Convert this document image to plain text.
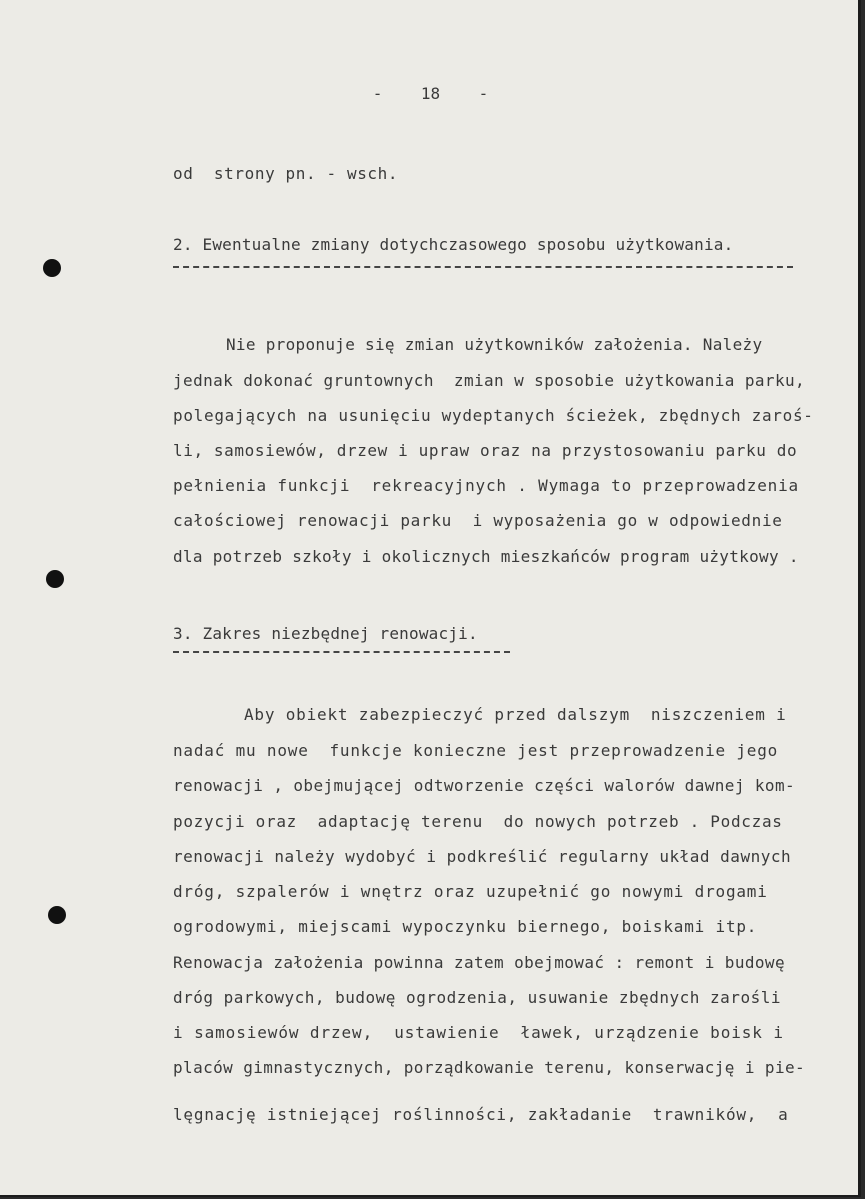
-    18    -

od  strony pn. - wsch.

2. Ewentualne zmiany dotychczasowego sposobu użytkowania.

Nie proponuje się zmian użytkowników założenia. Należy

jednak dokonać gruntownych  zmian w sposobie użytkowania parku,

polegających na usunięciu wydeptanych ścieżek, zbędnych zaroś-

li, samosiewów, drzew i upraw oraz na przystosowaniu parku do

pełnienia funkcji  rekreacyjnych . Wymaga to przeprowadzenia

całościowej renowacji parku  i wyposażenia go w odpowiednie

dla potrzeb szkoły i okolicznych mieszkańców program użytkowy .

3. Zakres niezbędnej renowacji.

Aby obiekt zabezpieczyć przed dalszym  niszczeniem i

nadać mu nowe  funkcje konieczne jest przeprowadzenie jego

renowacji , obejmującej odtworzenie części walorów dawnej kom-

pozycji oraz  adaptację terenu  do nowych potrzeb . Podczas

renowacji należy wydobyć i podkreślić regularny układ dawnych

dróg, szpalerów i wnętrz oraz uzupełnić go nowymi drogami

ogrodowymi, miejscami wypoczynku biernego, boiskami itp.

Renowacja założenia powinna zatem obejmować : remont i budowę

dróg parkowych, budowę ogrodzenia, usuwanie zbędnych zarośli

i samosiewów drzew,  ustawienie  ławek, urządzenie boisk i

placów gimnastycznych, porządkowanie terenu, konserwację i pie-

lęgnację istniejącej roślinności, zakładanie  trawników,  a
